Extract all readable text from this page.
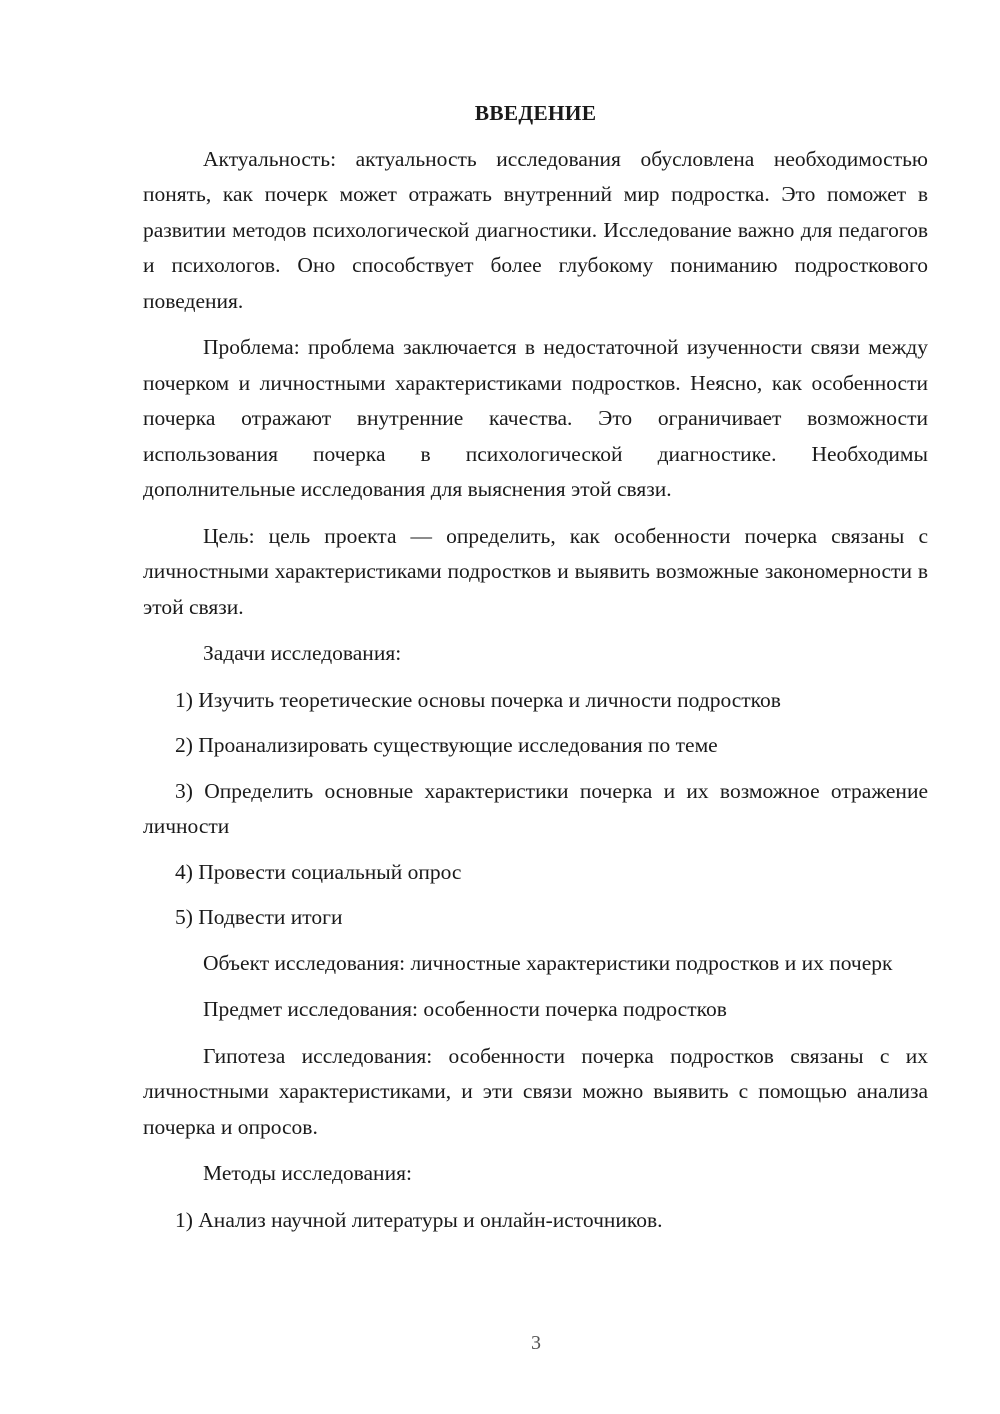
ВВЕДЕНИЕ

Актуальность: актуальность исследования обусловлена необходимостью понять, как почерк может отражать внутренний мир подростка. Это поможет в развитии методов психологической диагностики. Исследование важно для педагогов и психологов. Оно способствует более глубокому пониманию подросткового поведения.

Проблема: проблема заключается в недостаточной изученности связи между почерком и личностными характеристиками подростков. Неясно, как особенности почерка отражают внутренние качества. Это ограничивает возможности использования почерка в психологической диагностике. Необходимы дополнительные исследования для выяснения этой связи.

Цель: цель проекта — определить, как особенности почерка связаны с личностными характеристиками подростков и выявить возможные закономерности в этой связи.

Задачи исследования:

1) Изучить теоретические основы почерка и личности подростков

2) Проанализировать существующие исследования по теме

3) Определить основные характеристики почерка и их возможное отражение личности

4) Провести социальный опрос

5) Подвести итоги

Объект исследования: личностные характеристики подростков и их почерк

Предмет исследования: особенности почерка подростков

Гипотеза исследования: особенности почерка подростков связаны с их личностными характеристиками, и эти связи можно выявить с помощью анализа почерка и опросов.

Методы исследования:

1) Анализ научной литературы и онлайн-источников.

3
